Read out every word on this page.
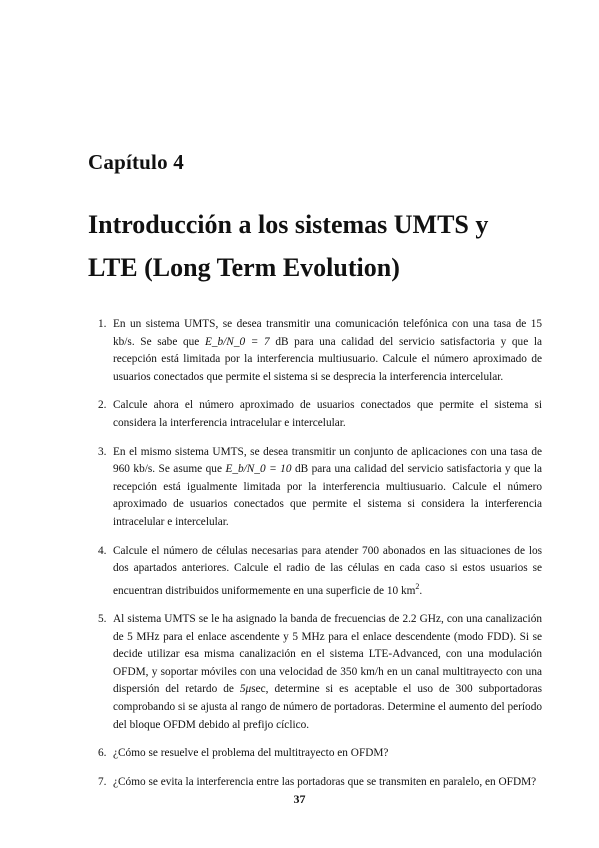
Capítulo 4
Introducción a los sistemas UMTS y
LTE (Long Term Evolution)
1. En un sistema UMTS, se desea transmitir una comunicación telefónica con una tasa de 15 kb/s. Se sabe que E_b/N_0 = 7 dB para una calidad del servicio satisfactoria y que la recepción está limitada por la interferencia multiusuario. Calcule el número aproximado de usuarios conectados que permite el sistema si se desprecia la interferencia intercelular.
2. Calcule ahora el número aproximado de usuarios conectados que permite el sistema si considera la interferencia intracelular e intercelular.
3. En el mismo sistema UMTS, se desea transmitir un conjunto de aplicaciones con una tasa de 960 kb/s. Se asume que E_b/N_0 = 10 dB para una calidad del servicio satisfactoria y que la recepción está igualmente limitada por la interferencia multiusuario. Calcule el número aproximado de usuarios conectados que permite el sistema si considera la interferencia intracelular e intercelular.
4. Calcule el número de células necesarias para atender 700 abonados en las situaciones de los dos apartados anteriores. Calcule el radio de las células en cada caso si estos usuarios se encuentran distribuidos uniformemente en una superficie de 10 $km^2$.
5. Al sistema UMTS se le ha asignado la banda de frecuencias de 2.2 GHz, con una canalización de 5 MHz para el enlace ascendente y 5 MHz para el enlace descendente (modo FDD). Si se decide utilizar esa misma canalización en el sistema LTE-Advanced, con una modulación OFDM, y soportar móviles con una velocidad de 350 km/h en un canal multitrayecto con una dispersión del retardo de 5μsec, determine si es aceptable el uso de 300 subportadoras comprobando si se ajusta al rango de número de portadoras. Determine el aumento del período del bloque OFDM debido al prefijo cíclico.
6. ¿Cómo se resuelve el problema del multitrayecto en OFDM?
7. ¿Cómo se evita la interferencia entre las portadoras que se transmiten en paralelo, en OFDM?
37
